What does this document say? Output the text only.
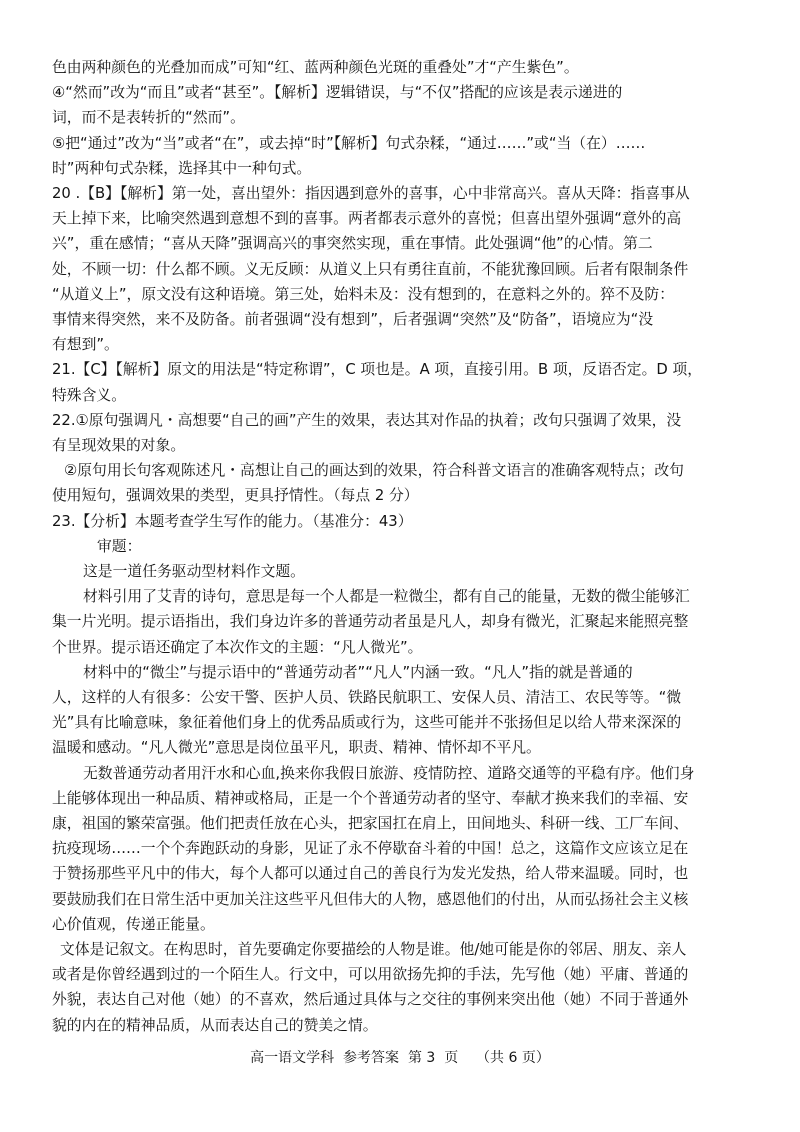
色由两种颜色的光叠加而成”可知“红、蓝两种颜色光斑的重叠处”才“产生紫色”。

④“然而”改为“而且”或者“甚至”。【解析】逻辑错误，与“不仅”搭配的应该是表示递进的

词，而不是表转折的“然而”。

⑤把“通过”改为“当”或者“在”，或去掉“时”【解析】句式杂糅，“通过……”或“当（在）……

时”两种句式杂糅，选择其中一种句式。

20 .【B】【解析】第一处，喜出望外：指因遇到意外的喜事，心中非常高兴。喜从天降：指喜事从

天上掉下来，比喻突然遇到意想不到的喜事。两者都表示意外的喜悦；但喜出望外强调“意外的高

兴”，重在感情；“喜从天降”强调高兴的事突然实现，重在事情。此处强调“他”的心情。第二

处，不顾一切：什么都不顾。义无反顾：从道义上只有勇往直前，不能犹豫回顾。后者有限制条件

“从道义上”，原文没有这种语境。第三处，始料未及：没有想到的，在意料之外的。猝不及防：

事情来得突然，来不及防备。前者强调“没有想到”，后者强调“突然”及“防备”，语境应为“没

有想到”。

21.【C】【解析】原文的用法是“特定称谓”，C 项也是。A 项，直接引用。B 项，反语否定。D 项，

特殊含义。

22.①原句强调凡・高想要“自己的画”产生的效果，表达其对作品的执着；改句只强调了效果，没

有呈现效果的对象。

②原句用长句客观陈述凡・高想让自己的画达到的效果，符合科普文语言的准确客观特点；改句

使用短句，强调效果的类型，更具抒情性。（每点 2 分）

23.【分析】本题考查学生写作的能力。（基准分：43）

审题：

这是一道任务驱动型材料作文题。

材料引用了艾青的诗句，意思是每一个人都是一粒微尘，都有自己的能量，无数的微尘能够汇

集一片光明。提示语指出，我们身边许多的普通劳动者虽是凡人，却身有微光，汇聚起来能照亮整

个世界。提示语还确定了本次作文的主题：“凡人微光”。

材料中的“微尘”与提示语中的“普通劳动者”“凡人”内涵一致。“凡人”指的就是普通的

人，这样的人有很多：公安干警、医护人员、铁路民航职工、安保人员、清洁工、农民等等。“微

光”具有比喻意味，象征着他们身上的优秀品质或行为，这些可能并不张扬但足以给人带来深深的

温暖和感动。“凡人微光”意思是岗位虽平凡，职责、精神、情怀却不平凡。

无数普通劳动者用汗水和心血,换来你我假日旅游、疫情防控、道路交通等的平稳有序。他们身

上能够体现出一种品质、精神或格局，正是一个个普通劳动者的坚守、奉献才换来我们的幸福、安

康，祖国的繁荣富强。他们把责任放在心头，把家国扛在肩上，田间地头、科研一线、工厂车间、

抗疫现场……一个个奔跑跃动的身影，见证了永不停歇奋斗着的中国！总之，这篇作文应该立足在

于赞扬那些平凡中的伟大，每个人都可以通过自己的善良行为发光发热，给人带来温暖。同时，也

要鼓励我们在日常生活中更加关注这些平凡但伟大的人物，感恩他们的付出，从而弘扬社会主义核

心价值观，传递正能量。

文体是记叙文。在构思时，首先要确定你要描绘的人物是谁。他/她可能是你的邻居、朋友、亲人

或者是你曾经遇到过的一个陌生人。行文中，可以用欲扬先抑的手法，先写他（她）平庸、普通的

外貌，表达自己对他（她）的不喜欢，然后通过具体与之交往的事例来突出他（她）不同于普通外

貌的内在的精神品质，从而表达自己的赞美之情。

高一语文学科  参考答案  第 3  页    （共 6 页）
